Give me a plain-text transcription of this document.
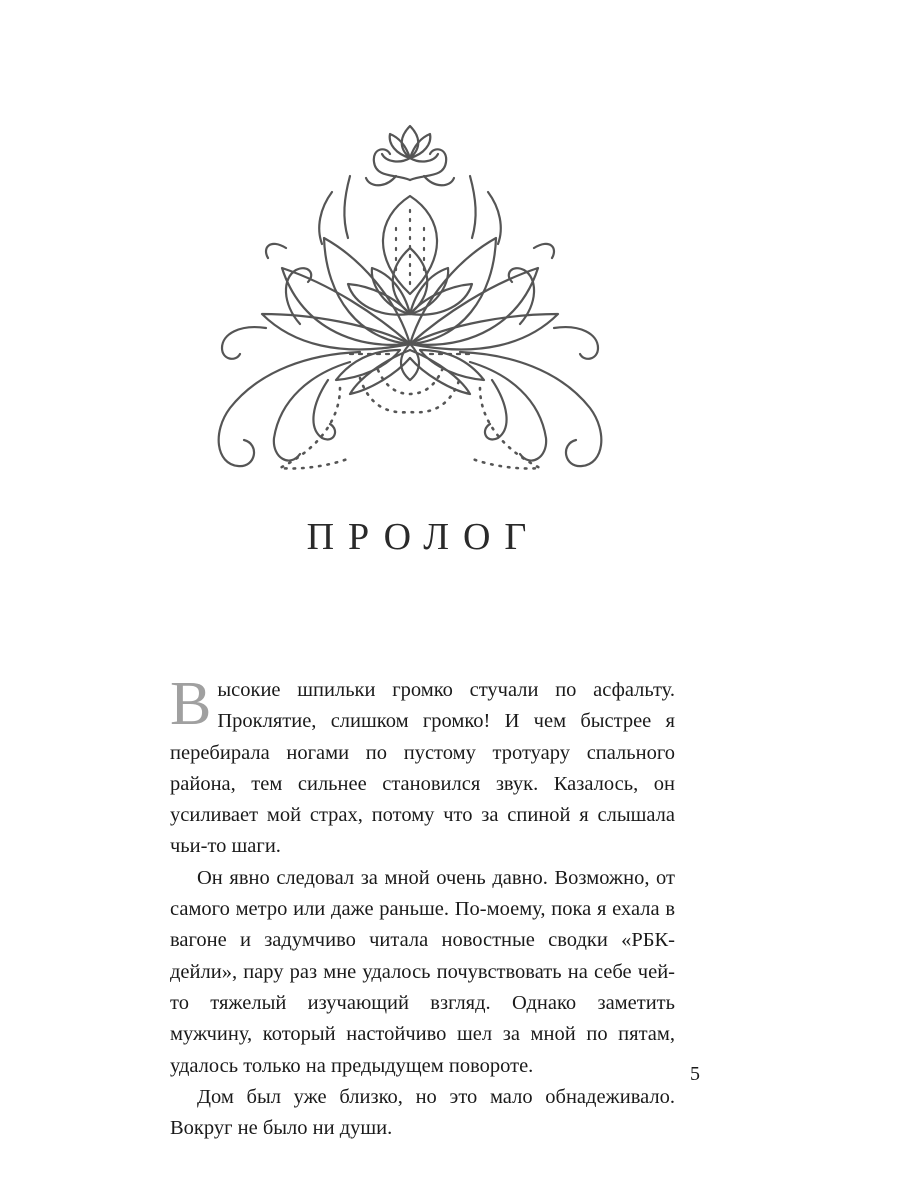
ПРОЛОГ

Высокие шпильки громко стучали по асфальту. Проклятие, слишком громко! И чем быстрее я перебирала ногами по пустому тротуару спального района, тем сильнее становился звук. Казалось, он усиливает мой страх, потому что за спиной я слышала чьи-то шаги.

Он явно следовал за мной очень давно. Возможно, от самого метро или даже раньше. По-моему, пока я ехала в вагоне и задумчиво читала новостные сводки «РБК-дейли», пару раз мне удалось почувствовать на себе чей-то тяжелый изучающий взгляд. Однако заметить мужчину, который настойчиво шел за мной по пятам, удалось только на предыдущем повороте.

Дом был уже близко, но это мало обнадеживало. Вокруг не было ни души.

5
